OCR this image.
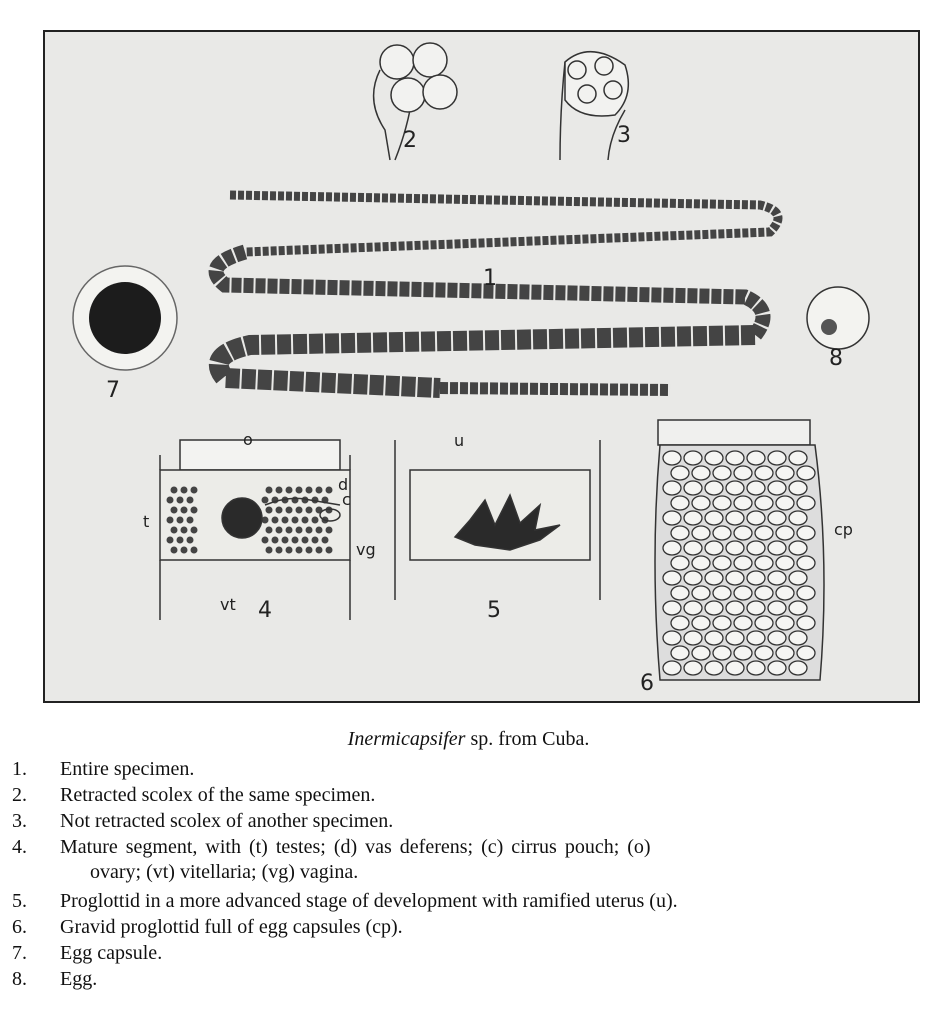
2	3
1
7
8
o
d
c
t
vg
vt 4
u
5
cp
6
Inermicapsifer sp. from Cuba.
1. Entire specimen.
2. Retracted scolex of the same specimen.
3. Not retracted scolex of another specimen.
4. Mature segment, with (t) testes; (d) vas deferens; (c) cirrus pouch; (o)
ovary; (vt) vitellaria; (vg) vagina.
5. Proglottid in a more advanced stage of development with ramified uterus (u).
6. Gravid proglottid full of egg capsules (cp).
7. Egg capsule.
8. Egg.
